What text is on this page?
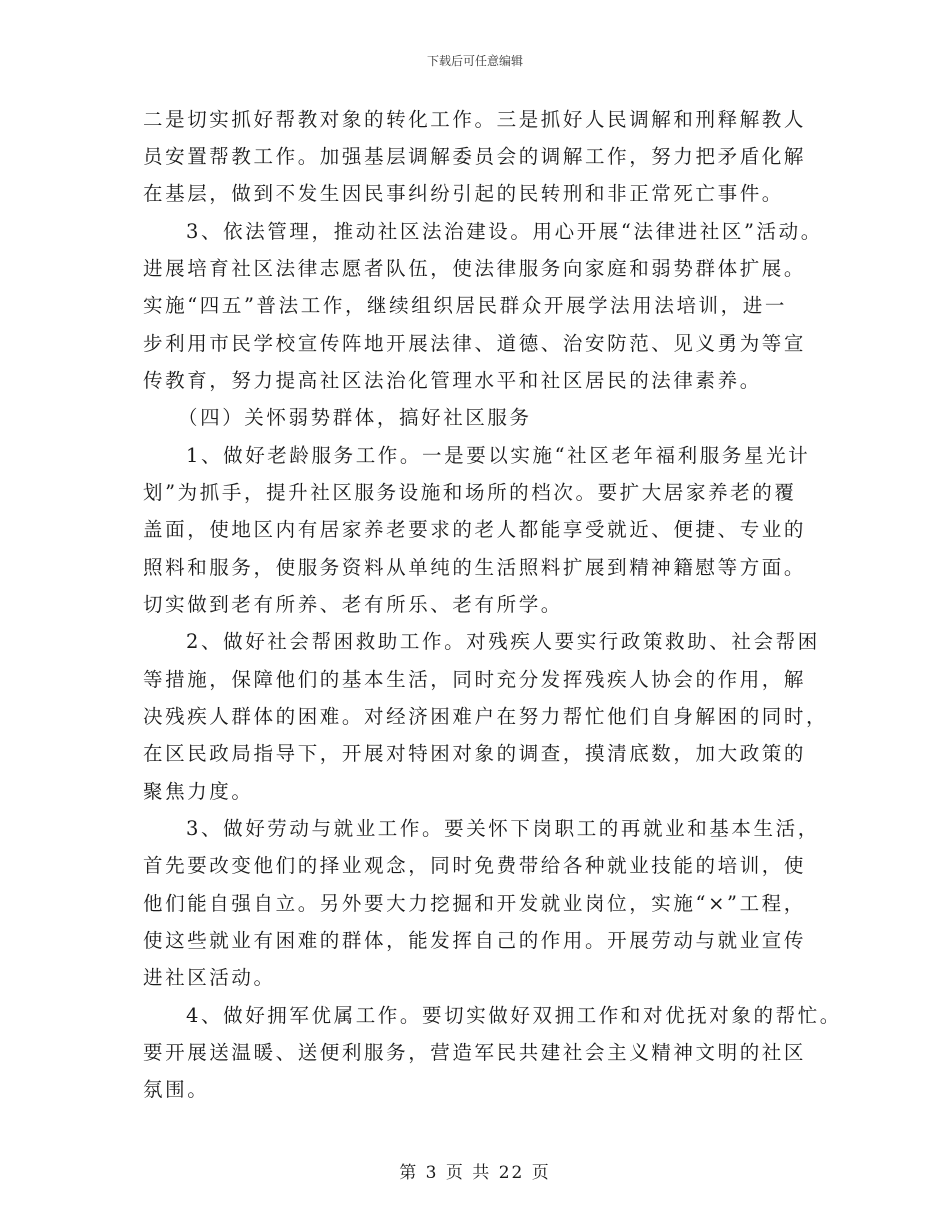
下载后可任意编辑
二是切实抓好帮教对象的转化工作。三是抓好人民调解和刑释解教人
员安置帮教工作。加强基层调解委员会的调解工作，努力把矛盾化解
在基层，做到不发生因民事纠纷引起的民转刑和非正常死亡事件。
3、依法管理，推动社区法治建设。用心开展“法律进社区”活动。
进展培育社区法律志愿者队伍，使法律服务向家庭和弱势群体扩展。
实施“四五”普法工作，继续组织居民群众开展学法用法培训，进一
步利用市民学校宣传阵地开展法律、道德、治安防范、见义勇为等宣
传教育，努力提高社区法治化管理水平和社区居民的法律素养。
（四）关怀弱势群体，搞好社区服务
1、做好老龄服务工作。一是要以实施“社区老年福利服务星光计
划”为抓手，提升社区服务设施和场所的档次。要扩大居家养老的覆
盖面，使地区内有居家养老要求的老人都能享受就近、便捷、专业的
照料和服务，使服务资料从单纯的生活照料扩展到精神籍慰等方面。
切实做到老有所养、老有所乐、老有所学。
2、做好社会帮困救助工作。对残疾人要实行政策救助、社会帮困
等措施，保障他们的基本生活，同时充分发挥残疾人协会的作用，解
决残疾人群体的困难。对经济困难户在努力帮忙他们自身解困的同时，
在区民政局指导下，开展对特困对象的调查，摸清底数，加大政策的
聚焦力度。
3、做好劳动与就业工作。要关怀下岗职工的再就业和基本生活，
首先要改变他们的择业观念，同时免费带给各种就业技能的培训，使
他们能自强自立。另外要大力挖掘和开发就业岗位，实施“×”工程，
使这些就业有困难的群体，能发挥自己的作用。开展劳动与就业宣传
进社区活动。
4、做好拥军优属工作。要切实做好双拥工作和对优抚对象的帮忙。
要开展送温暖、送便利服务，营造军民共建社会主义精神文明的社区
氛围。
第 3 页 共 22 页
